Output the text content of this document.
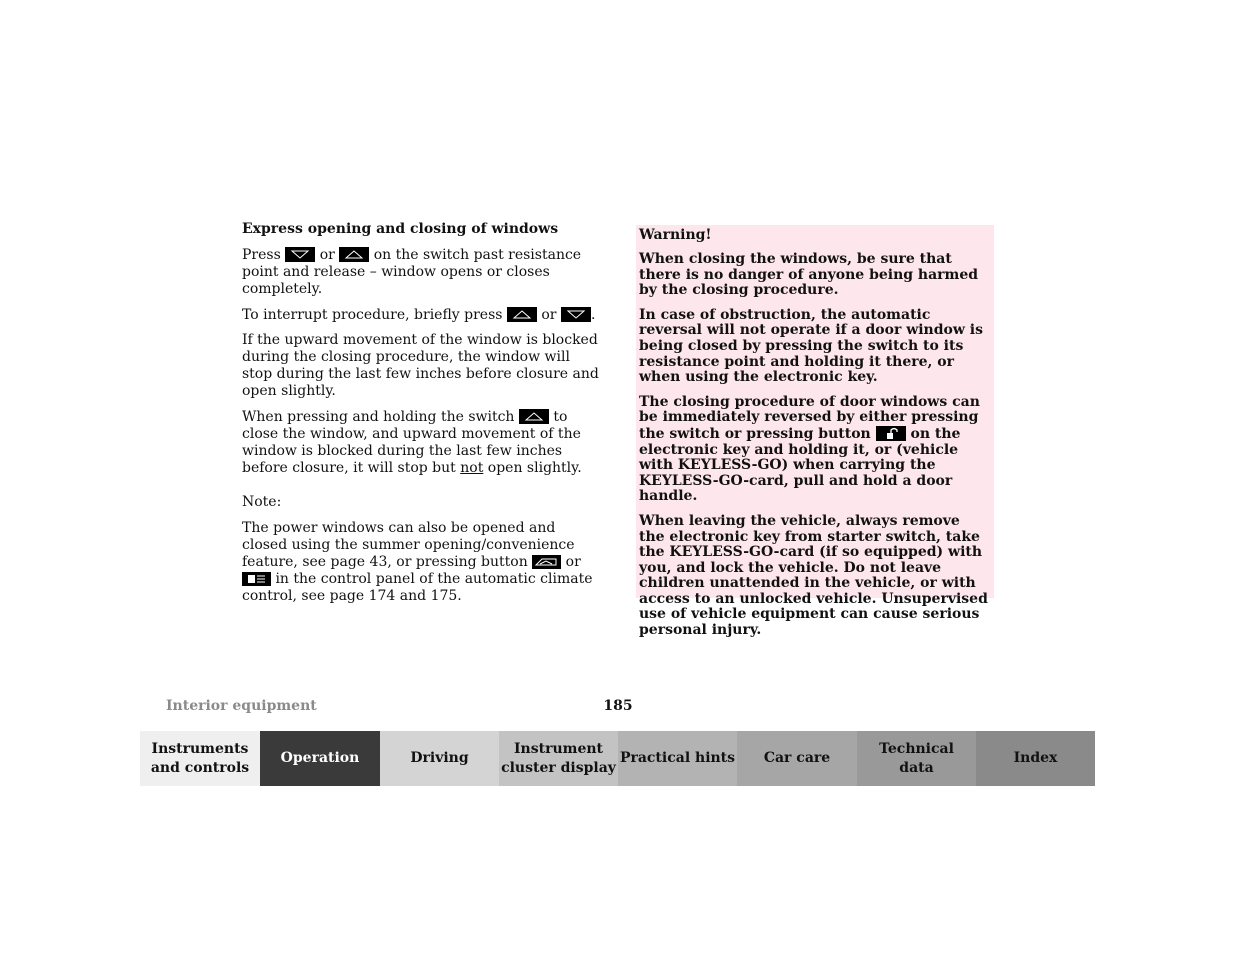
Express opening and closing of windows

Press	or	on the switch past resistance point and release – window opens or closes completely.

To interrupt procedure, briefly press	or .

If the upward movement of the window is blocked during the closing procedure, the window will stop during the last few inches before closure and open slightly.

When pressing and holding the switch	to close the window, and upward movement of the window is blocked during the last few inches before closure, it will stop but not open slightly.

Note:

The power windows can also be opened and closed using the summer opening/convenience feature, see page 43, or pressing button	or
in the control panel of the automatic climate control, see page 174 and 175.

Warning!

When closing the windows, be sure that there is no danger of anyone being harmed by the closing procedure.

In case of obstruction, the automatic reversal will not operate if a door window is being closed by pressing the switch to its resistance point and holding it there, or when using the electronic key.

The closing procedure of door windows can be immediately reversed by either pressing the switch or pressing button	on the electronic key and holding it, or (vehicle with KEYLESS-GO) when carrying the KEYLESS-GO-card, pull and hold a door handle.

When leaving the vehicle, always remove the electronic key from starter switch, take the KEYLESS-GO-card (if so equipped) with you, and lock the vehicle. Do not leave children unattended in the vehicle, or with access to an unlocked vehicle. Unsupervised use of vehicle equipment can cause serious personal injury.

Interior equipment	185
Instruments
and controls
Operation	Driving
Instrument
cluster display
Practical hints	Car care
Technical
data
Index
